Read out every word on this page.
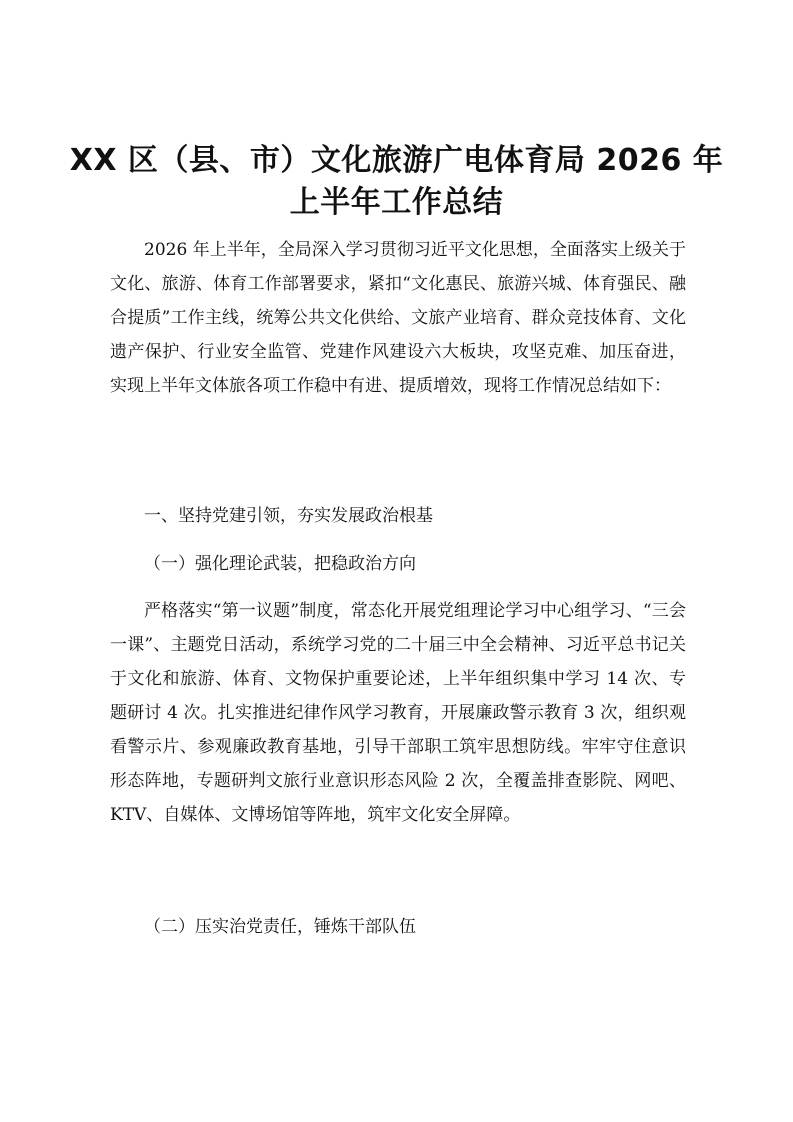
XX 区（县、市）文化旅游广电体育局 2026 年
上半年工作总结

2026 年上半年，全局深入学习贯彻习近平文化思想，全面落实上级关于文化、旅游、体育工作部署要求，紧扣“文化惠民、旅游兴城、体育强民、融合提质”工作主线，统筹公共文化供给、文旅产业培育、群众竞技体育、文化遗产保护、行业安全监管、党建作风建设六大板块，攻坚克难、加压奋进，实现上半年文体旅各项工作稳中有进、提质增效，现将工作情况总结如下：

一、坚持党建引领，夯实发展政治根基

（一）强化理论武装，把稳政治方向

严格落实“第一议题”制度，常态化开展党组理论学习中心组学习、“三会一课”、主题党日活动，系统学习党的二十届三中全会精神、习近平总书记关于文化和旅游、体育、文物保护重要论述，上半年组织集中学习 14 次、专题研讨 4 次。扎实推进纪律作风学习教育，开展廉政警示教育 3 次，组织观看警示片、参观廉政教育基地，引导干部职工筑牢思想防线。牢牢守住意识形态阵地，专题研判文旅行业意识形态风险 2 次，全覆盖排查影院、网吧、KTV、自媒体、文博场馆等阵地，筑牢文化安全屏障。

（二）压实治党责任，锤炼干部队伍
